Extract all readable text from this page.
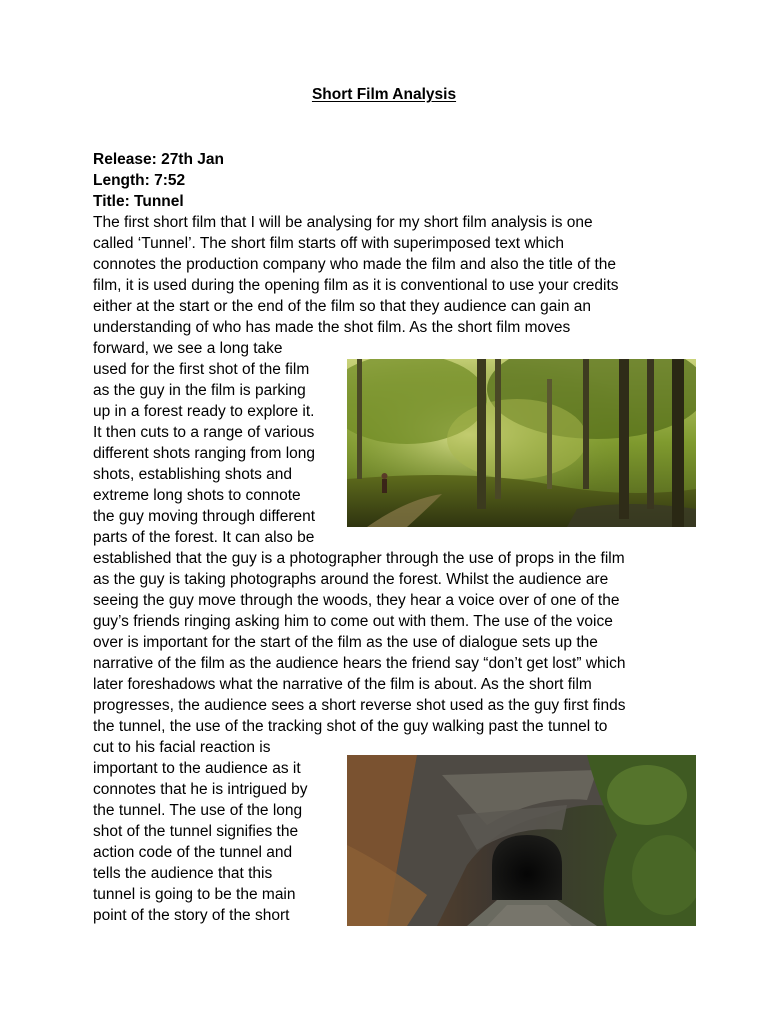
Short Film Analysis
Release: 27th Jan
Length: 7:52
Title: Tunnel
The first short film that I will be analysing for my short film analysis is one
called ‘Tunnel’. The short film starts off with superimposed text which
connotes the production company who made the film and also the title of the
film, it is used during the opening film as it is conventional to use your credits
either at the start or the end of the film so that they audience can gain an
understanding of who has made the shot film. As the short film moves
forward, we see a long take
used for the first shot of the film
as the guy in the film is parking
up in a forest ready to explore it.
It then cuts to a range of various
different shots ranging from long
shots, establishing shots and
extreme long shots to connote
the guy moving through different
parts of the forest. It can also be
established that the guy is a photographer through the use of props in the film
as the guy is taking photographs around the forest. Whilst the audience are
seeing the guy move through the woods, they hear a voice over of one of the
guy’s friends ringing asking him to come out with them. The use of the voice
over is important for the start of the film as the use of dialogue sets up the
narrative of the film as the audience hears the friend say “don’t get lost” which
later foreshadows what the narrative of the film is about. As the short film
progresses, the audience sees a short reverse shot used as the guy first finds
the tunnel, the use of the tracking shot of the guy walking past the tunnel to
cut to his facial reaction is
important to the audience as it
connotes that he is intrigued by
the tunnel. The use of the long
shot of the tunnel signifies the
action code of the tunnel and
tells the audience that this
tunnel is going to be the main
point of the story of the short
